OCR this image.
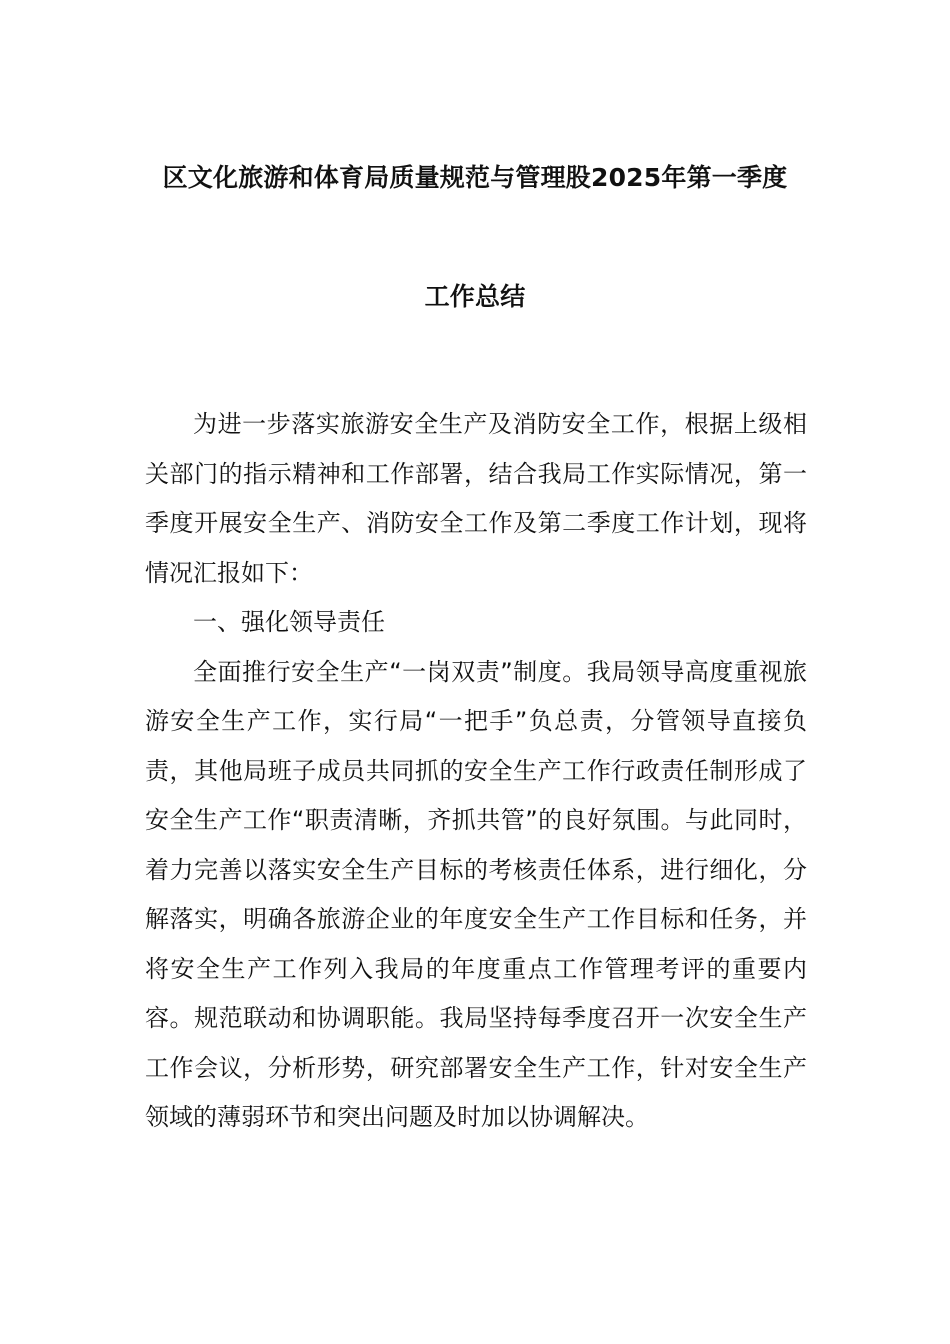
区文化旅游和体育局质量规范与管理股2025年第一季度
工作总结

为进一步落实旅游安全生产及消防安全工作，根据上级相关部门的指示精神和工作部署，结合我局工作实际情况，第一季度开展安全生产、消防安全工作及第二季度工作计划，现将情况汇报如下：

一、强化领导责任

全面推行安全生产“一岗双责”制度。我局领导高度重视旅游安全生产工作，实行局“一把手”负总责，分管领导直接负责，其他局班子成员共同抓的安全生产工作行政责任制形成了安全生产工作“职责清晰，齐抓共管”的良好氛围。与此同时，着力完善以落实安全生产目标的考核责任体系，进行细化，分解落实，明确各旅游企业的年度安全生产工作目标和任务，并将安全生产工作列入我局的年度重点工作管理考评的重要内容。规范联动和协调职能。我局坚持每季度召开一次安全生产工作会议，分析形势，研究部署安全生产工作，针对安全生产领域的薄弱环节和突出问题及时加以协调解决。
